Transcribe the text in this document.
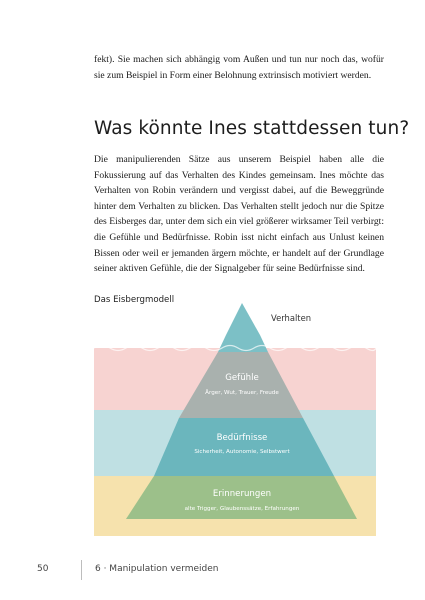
fekt). Sie machen sich abhängig vom Außen und tun nur noch das, wofür sie zum Beispiel in Form einer Belohnung extrinsisch motiviert werden.

Was könnte Ines stattdessen tun?

Die manipulierenden Sätze aus unserem Beispiel haben alle die Fokussierung auf das Verhalten des Kindes gemeinsam. Ines möchte das Verhalten von Robin verändern und vergisst dabei, auf die Beweggründe hinter dem Verhalten zu blicken. Das Verhalten stellt jedoch nur die Spitze des Eisberges dar, unter dem sich ein viel größerer wirksamer Teil verbirgt: die Gefühle und Bedürfnisse. Robin isst nicht einfach aus Unlust keinen Bissen oder weil er jemanden ärgern möchte, er handelt auf der Grundlage seiner aktiven Gefühle, die der Signalgeber für seine Bedürfnisse sind.

Das Eisbergmodell
Verhalten
Gefühle
Ärger, Wut, Trauer, Freude
Bedürfnisse
Sicherheit, Autonomie, Selbstwert
Erinnerungen
alte Trigger, Glaubenssätze, Erfahrungen
50	6 · Manipulation vermeiden
